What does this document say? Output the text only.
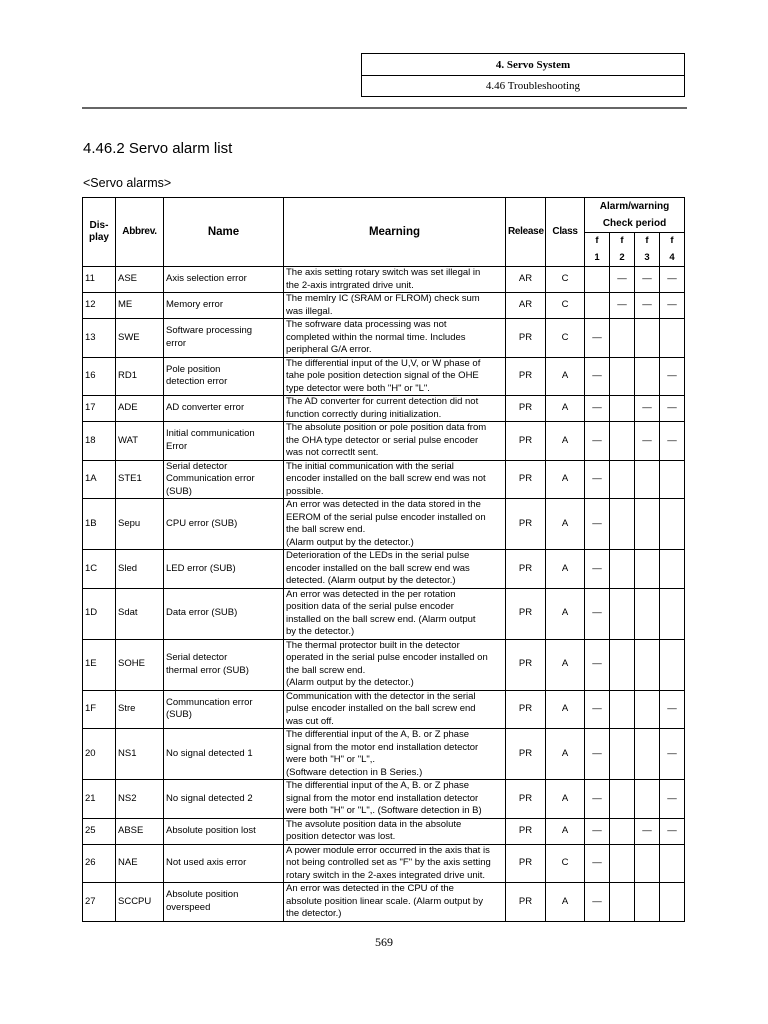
4. Servo System
4.46 Troubleshooting
4.46.2 Servo alarm list
<Servo alarms>
Dis-
play	Abbrev.	Name	Mearning	Release	Class	Alarm/warning			
						Check period			
						f	f	f	f
						1	2	3	4
11	ASE	Axis selection error	The axis setting rotary switch was set illegal in
the 2-axis intrgrated drive unit.	AR	C		—	—	—
12	ME	Memory error	The memlry IC (SRAM or FLROM) check sum
was illegal.	AR	C		—	—	—
13	SWE	Software processing
error	The sofrware data processing was not
completed within the normal time. Includes
peripheral G/A error.	PR	C	—			
16	RD1	Pole position
detection error	The differential input of the U,V, or W phase of
tahe pole position detection signal of the OHE
type detector were both "H" or "L".	PR	A	—			—
17	ADE	AD converter error	The AD converter for current detection did not
function correctly during initialization.	PR	A	—		—	—
18	WAT	Initial communication
Error	The absolute position or pole position data from
the OHA type detector or serial pulse encoder
was not correctlt sent.	PR	A	—		—	—
1A	STE1	Serial detector
Communication error
(SUB)	The initial communication with the serial
encoder installed on the ball screw end was not
possible.	PR	A	—			
1B	Sepu	CPU error (SUB)	An error was detected in the data stored in the
EEROM of the serial pulse encoder installed on
the ball screw end.
(Alarm output by the detector.)	PR	A	—			
1C	Sled	LED error (SUB)	Deterioration of the LEDs in the serial pulse
encoder installed on the ball screw end was
detected. (Alarm output by the detector.)	PR	A	—			
1D	Sdat	Data error (SUB)	An error was detected in the per rotation
position data of the serial pulse encoder
installed on the ball screw end. (Alarm output
by the detector.)	PR	A	—			
1E	SOHE	Serial detector
thermal error (SUB)	The thermal protector built in the detector
operated in the serial pulse encoder installed on
the ball screw end.
(Alarm output by the detector.)	PR	A	—			
1F	Stre	Communcation error
(SUB)	Communication with the detector in the serial
pulse encoder installed on the ball screw end
was cut off.	PR	A	—			—
20	NS1	No signal detected 1	The differential input of the A, B. or Z phase
signal from the motor end installation detector
were both "H" or "L",.
(Software detection in B Series.)	PR	A	—			—
21	NS2	No signal detected 2	The differential input of the A, B. or Z phase
signal from the motor end installation detector
were both "H" or "L",. (Software detection in B)	PR	A	—			—
25	ABSE	Absolute position lost	The avsolute position data in the absolute
position detector was lost.	PR	A	—		—	—
26	NAE	Not used axis error	A power module error occurred in the axis that is
not being controlled set as "F" by the axis setting
rotary switch in the 2-axes integrated drive unit.	PR	C	—			
27	SCCPU	Absolute position
overspeed	An error was detected in the CPU of the
absolute position linear scale. (Alarm output by
the detector.)	PR	A	—			
569
